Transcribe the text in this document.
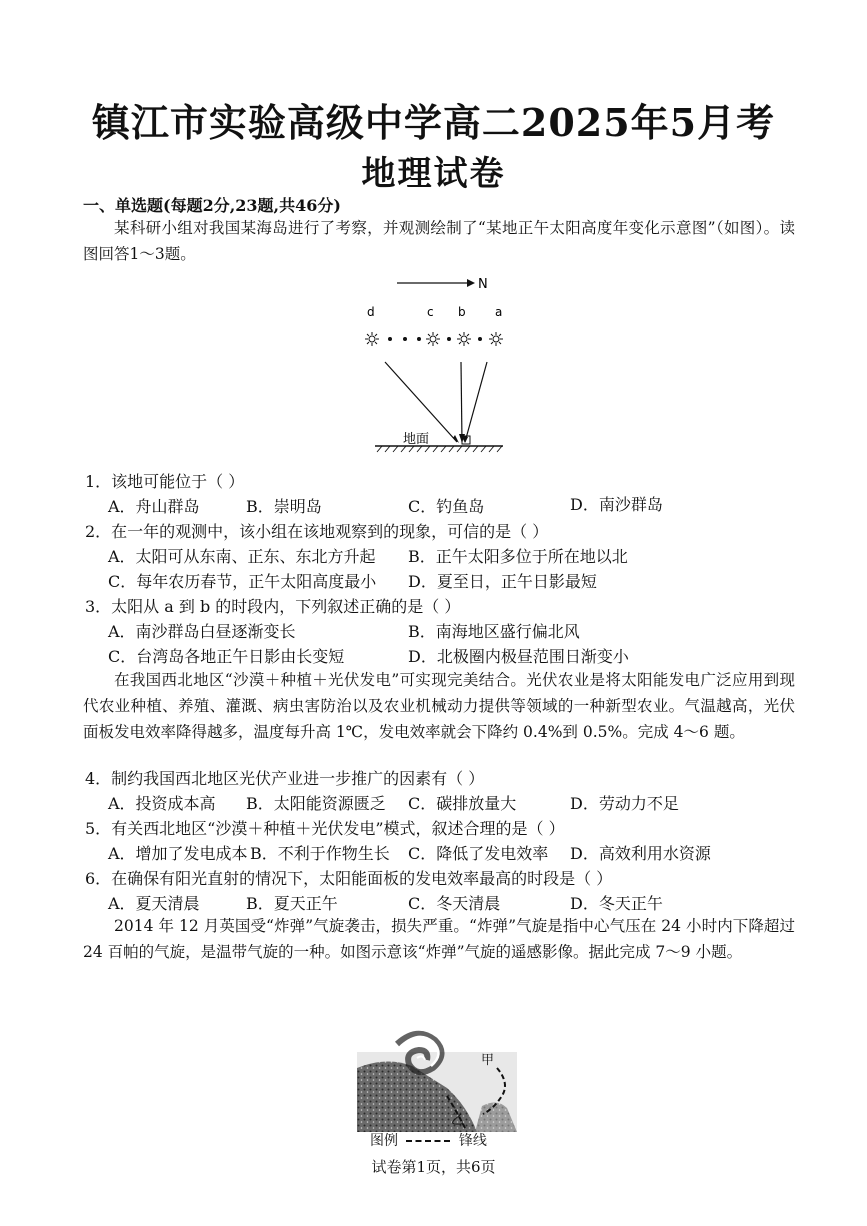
镇江市实验高级中学高二2025年5月考
地理试卷
一、单选题(每题2分,23题,共46分)
某科研小组对我国某海岛进行了考察，并观测绘制了“某地正午太阳高度年变化示意图”（如图）。读图回答1～3题。
N
d	c b a
地面
1．该地可能位于（ ）
A．舟山群岛	B．崇明岛	C．钓鱼岛	D．南沙群岛
2．在一年的观测中，该小组在该地观察到的现象，可信的是（ ）
A．太阳可从东南、正东、东北方升起 B．正午太阳多位于所在地以北
C．每年农历春节，正午太阳高度最小 D．夏至日，正午日影最短
3．太阳从 a 到 b 的时段内，下列叙述正确的是（ ）
A．南沙群岛白昼逐渐变长	B．南海地区盛行偏北风
C．台湾岛各地正午日影由长变短	D．北极圈内极昼范围日渐变小
在我国西北地区“沙漠＋种植＋光伏发电”可实现完美结合。光伏农业是将太阳能发电广泛应用到现代农业种植、养殖、灌溉、病虫害防治以及农业机械动力提供等领域的一种新型农业。气温越高，光伏面板发电效率降得越多，温度每升高 1℃，发电效率就会下降约 0.4%到 0.5%。完成 4～6 题。
4．制约我国西北地区光伏产业进一步推广的因素有（ ）
A．投资成本高 B．太阳能资源匮乏 C．碳排放量大	D．劳动力不足
5．有关西北地区“沙漠＋种植＋光伏发电”模式，叙述合理的是（ ）
A．增加了发电成本 B．不利于作物生长 C．降低了发电效率 D．高效利用水资源
6．在确保有阳光直射的情况下，太阳能面板的发电效率最高的时段是（ ）
A．夏天清晨	B．夏天正午	C．冬天清晨	D．冬天正午
2014 年 12 月英国受“炸弹”气旋袭击，损失严重。“炸弹”气旋是指中心气压在 24 小时内下降超过 24 百帕的气旋，是温带气旋的一种。如图示意该“炸弹”气旋的遥感影像。据此完成 7～9 小题。
甲
乙
图例	锋线
试卷第1页，共6页
